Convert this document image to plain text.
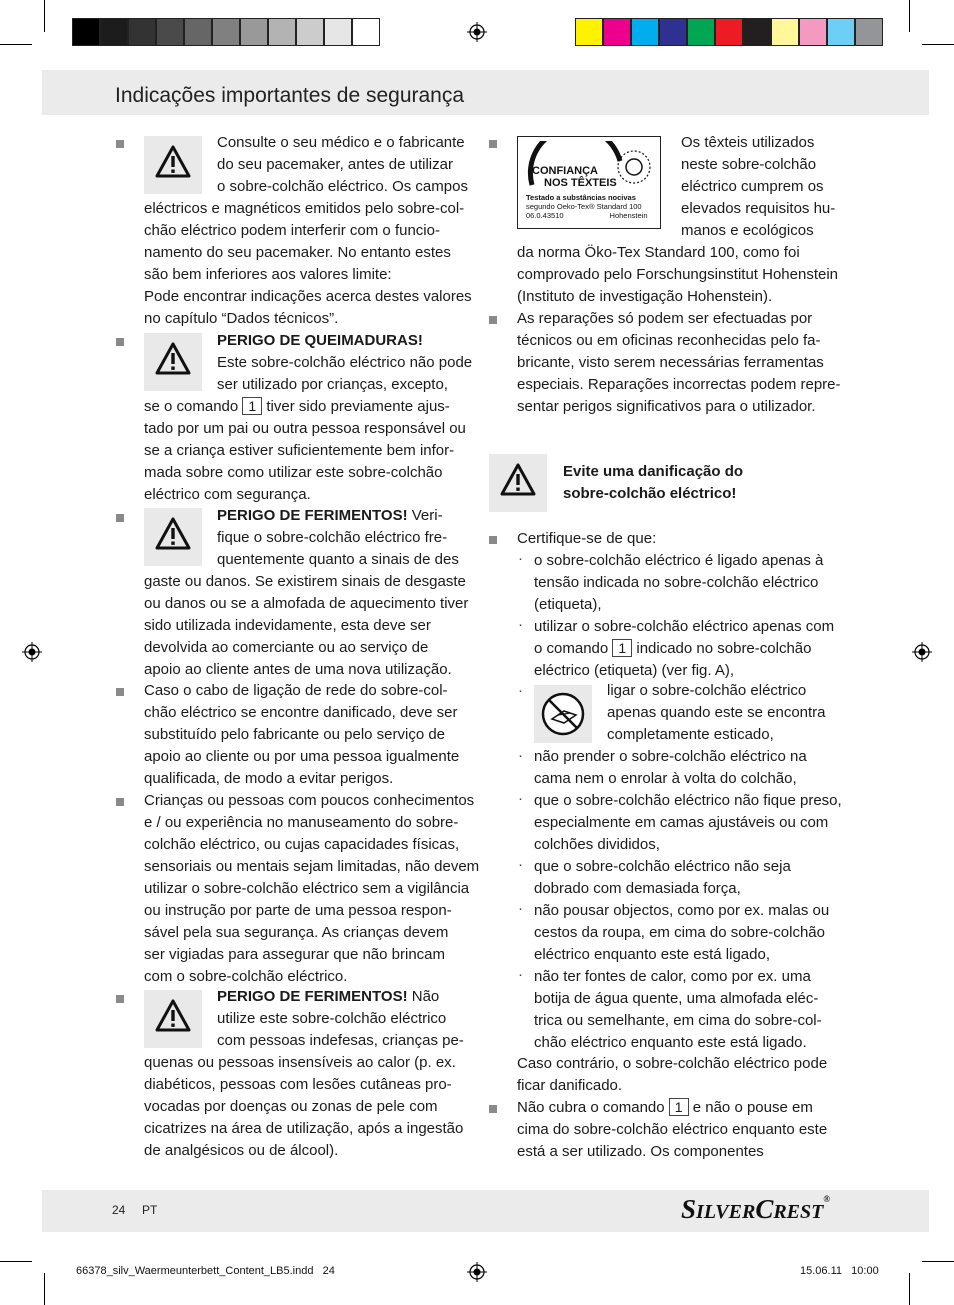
Indicações importantes de segurança
Consulte o seu médico e o fabricante
do seu pacemaker, antes de utilizar
o sobre-colchão eléctrico. Os campos
eléctricos e magnéticos emitidos pelo sobre-col-
chão eléctrico podem interferir com o funcio-
namento do seu pacemaker. No entanto estes
são bem inferiores aos valores limite:
Pode encontrar indicações acerca destes valores
no capítulo “Dados técnicos”.
PERIGO DE QUEIMADURAS!
Este sobre-colchão eléctrico não pode
ser utilizado por crianças, excepto,
se o comando 1 tiver sido previamente ajus-
tado por um pai ou outra pessoa responsável ou
se a criança estiver suficientemente bem infor-
mada sobre como utilizar este sobre-colchão
eléctrico com segurança.
PERIGO DE FERIMENTOS! Veri-
fique o sobre-colchão eléctrico fre-
quentemente quanto a sinais de des
gaste ou danos. Se existirem sinais de desgaste
ou danos ou se a almofada de aquecimento tiver
sido utilizada indevidamente, esta deve ser
devolvida ao comerciante ou ao serviço de
apoio ao cliente antes de uma nova utilização.
Caso o cabo de ligação de rede do sobre-col-
chão eléctrico se encontre danificado, deve ser
substituído pelo fabricante ou pelo serviço de
apoio ao cliente ou por uma pessoa igualmente
qualificada, de modo a evitar perigos.
Crianças ou pessoas com poucos conhecimentos
e / ou experiência no manuseamento do sobre-
colchão eléctrico, ou cujas capacidades físicas,
sensoriais ou mentais sejam limitadas, não devem
utilizar o sobre-colchão eléctrico sem a vigilância
ou instrução por parte de uma pessoa respon-
sável pela sua segurança. As crianças devem
ser vigiadas para assegurar que não brincam
com o sobre-colchão eléctrico.
PERIGO DE FERIMENTOS! Não
utilize este sobre-colchão eléctrico
com pessoas indefesas, crianças pe-
quenas ou pessoas insensíveis ao calor (p. ex.
diabéticos, pessoas com lesões cutâneas pro-
vocadas por doenças ou zonas de pele com
cicatrizes na área de utilização, após a ingestão
de analgésicos ou de álcool).
CONFIANÇA
NOS TÊXTEIS
Testado a substâncias nocivas
segundo Oeko-Tex® Standard 100
06.0.43510	Hohenstein
Os têxteis utilizados
neste sobre-colchão
eléctrico cumprem os
elevados requisitos hu-
manos e ecológicos
da norma Öko-Tex Standard 100, como foi
comprovado pelo Forschungsinstitut Hohenstein
(Instituto de investigação Hohenstein).
As reparações só podem ser efectuadas por
técnicos ou em oficinas reconhecidas pelo fa-
bricante, visto serem necessárias ferramentas
especiais. Reparações incorrectas podem repre-
sentar perigos significativos para o utilizador.
Evite uma danificação do
sobre-colchão eléctrico!
Certifique-se de que:
· o sobre-colchão eléctrico é ligado apenas à
tensão indicada no sobre-colchão eléctrico
(etiqueta),
· utilizar o sobre-colchão eléctrico apenas com
o comando 1 indicado no sobre-colchão
eléctrico (etiqueta) (ver fig. A),
·	ligar o sobre-colchão eléctrico
apenas quando este se encontra
completamente esticado,
· não prender o sobre-colchão eléctrico na
cama nem o enrolar à volta do colchão,
· que o sobre-colchão eléctrico não fique preso,
especialmente em camas ajustáveis ou com
colchões divididos,
· que o sobre-colchão eléctrico não seja
dobrado com demasiada força,
· não pousar objectos, como por ex. malas ou
cestos da roupa, em cima do sobre-colchão
eléctrico enquanto este está ligado,
· não ter fontes de calor, como por ex. uma
botija de água quente, uma almofada eléc-
trica ou semelhante, em cima do sobre-col-
chão eléctrico enquanto este está ligado.
Caso contrário, o sobre-colchão eléctrico pode
ficar danificado.
Não cubra o comando 1 e não o pouse em
cima do sobre-colchão eléctrico enquanto este
está a ser utilizado. Os componentes
24 PT	SILVERCREST®
66378_silv_Waermeunterbett_Content_LB5.indd   24	15.06.11   10:00
